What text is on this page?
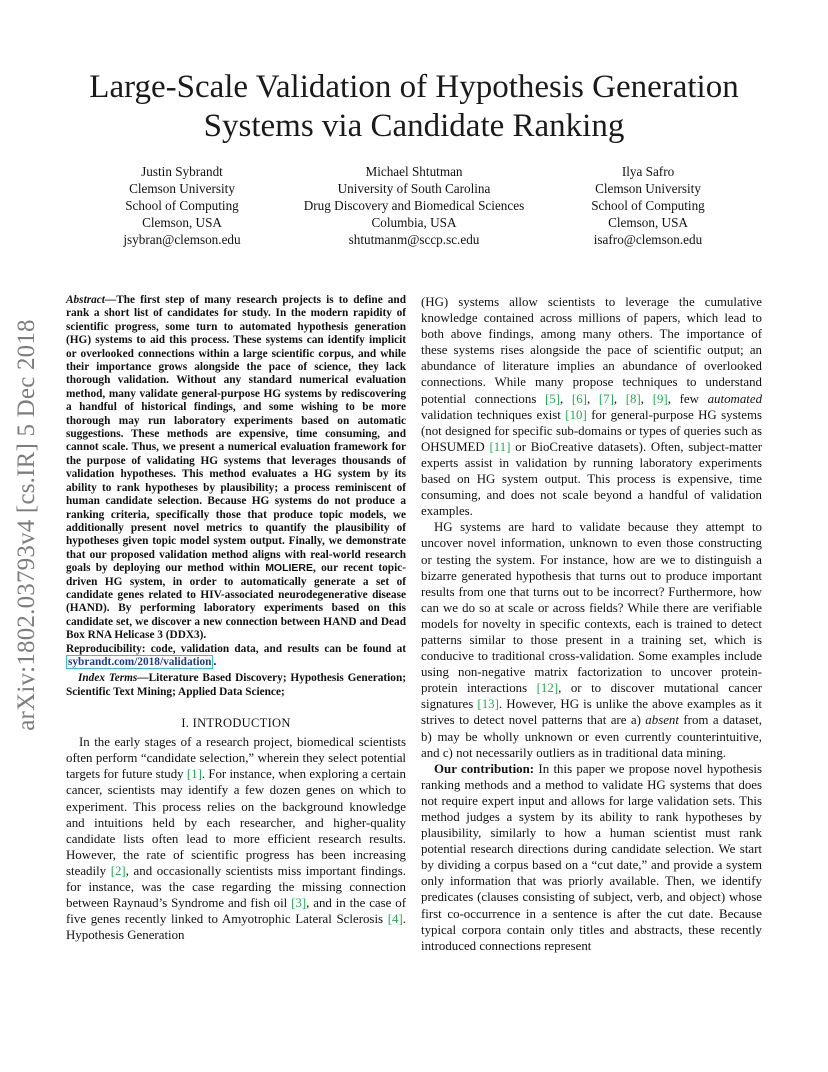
Large-Scale Validation of Hypothesis Generation
Systems via Candidate Ranking
Justin Sybrandt
Clemson University
School of Computing
Clemson, USA
jsybran@clemson.edu
Michael Shtutman
University of South Carolina
Drug Discovery and Biomedical Sciences
Columbia, USA
shtutmanm@sccp.sc.edu
Ilya Safro
Clemson University
School of Computing
Clemson, USA
isafro@clemson.edu
arXiv:1802.03793v4 [cs.IR] 5 Dec 2018

Abstract—The first step of many research projects is to define and rank a short list of candidates for study. In the modern rapidity of scientific progress, some turn to automated hypothesis generation (HG) systems to aid this process. These systems can identify implicit or overlooked connections within a large scientific corpus, and while their importance grows alongside the pace of science, they lack thorough validation. Without any standard numerical evaluation method, many validate general-purpose HG systems by rediscovering a handful of historical findings, and some wishing to be more thorough may run laboratory experiments based on automatic suggestions. These methods are expensive, time consuming, and cannot scale. Thus, we present a numerical evaluation framework for the purpose of validating HG systems that leverages thousands of validation hypotheses. This method evaluates a HG system by its ability to rank hypotheses by plausibility; a process reminiscent of human candidate selection. Because HG systems do not produce a ranking criteria, specifically those that produce topic models, we additionally present novel metrics to quantify the plausibility of hypotheses given topic model system output. Finally, we demonstrate that our proposed validation method aligns with real-world research goals by deploying our method within MOLIERE, our recent topic-driven HG system, in order to automatically generate a set of candidate genes related to HIV-associated neurodegenerative disease (HAND). By performing laboratory experiments based on this candidate set, we discover a new connection between HAND and Dead Box RNA Helicase 3 (DDX3).

Reproducibility: code, validation data, and results can be found at sybrandt.com/2018/validation .

Index Terms—Literature Based Discovery; Hypothesis Generation; Scientific Text Mining; Applied Data Science;

I. INTRODUCTION

In the early stages of a research project, biomedical scientists often perform “candidate selection,” wherein they select potential targets for future study [1]. For instance, when exploring a certain cancer, scientists may identify a few dozen genes on which to experiment. This process relies on the background knowledge and intuitions held by each researcher, and higher-quality candidate lists often lead to more efficient research results. However, the rate of scientific progress has been increasing steadily [2], and occasionally scientists miss important findings. for instance, was the case regarding the missing connection between Raynaud’s Syndrome and fish oil [3], and in the case of five genes recently linked to Amyotrophic Lateral Sclerosis [4]. Hypothesis Generation

(HG) systems allow scientists to leverage the cumulative knowledge contained across millions of papers, which lead to both above findings, among many others. The importance of these systems rises alongside the pace of scientific output; an abundance of literature implies an abundance of overlooked connections. While many propose techniques to understand potential connections [5], [6], [7], [8], [9], few automated validation techniques exist [10] for general-purpose HG systems (not designed for specific sub-domains or types of queries such as OHSUMED [11] or BioCreative datasets). Often, subject-matter experts assist in validation by running laboratory experiments based on HG system output. This process is expensive, time consuming, and does not scale beyond a handful of validation examples.

HG systems are hard to validate because they attempt to uncover novel information, unknown to even those constructing or testing the system. For instance, how are we to distinguish a bizarre generated hypothesis that turns out to produce important results from one that turns out to be incorrect? Furthermore, how can we do so at scale or across fields? While there are verifiable models for novelty in specific contexts, each is trained to detect patterns similar to those present in a training set, which is conducive to traditional cross-validation. Some examples include using non-negative matrix factorization to uncover protein-protein interactions [12], or to discover mutational cancer signatures [13]. However, HG is unlike the above examples as it strives to detect novel patterns that are a) absent from a dataset, b) may be wholly unknown or even currently counterintuitive, and c) not necessarily outliers as in traditional data mining.

Our contribution: In this paper we propose novel hypothesis ranking methods and a method to validate HG systems that does not require expert input and allows for large validation sets. This method judges a system by its ability to rank hypotheses by plausibility, similarly to how a human scientist must rank potential research directions during candidate selection. We start by dividing a corpus based on a “cut date,” and provide a system only information that was priorly available. Then, we identify predicates (clauses consisting of subject, verb, and object) whose first co-occurrence in a sentence is after the cut date. Because typical corpora contain only titles and abstracts, these recently introduced connections represent
